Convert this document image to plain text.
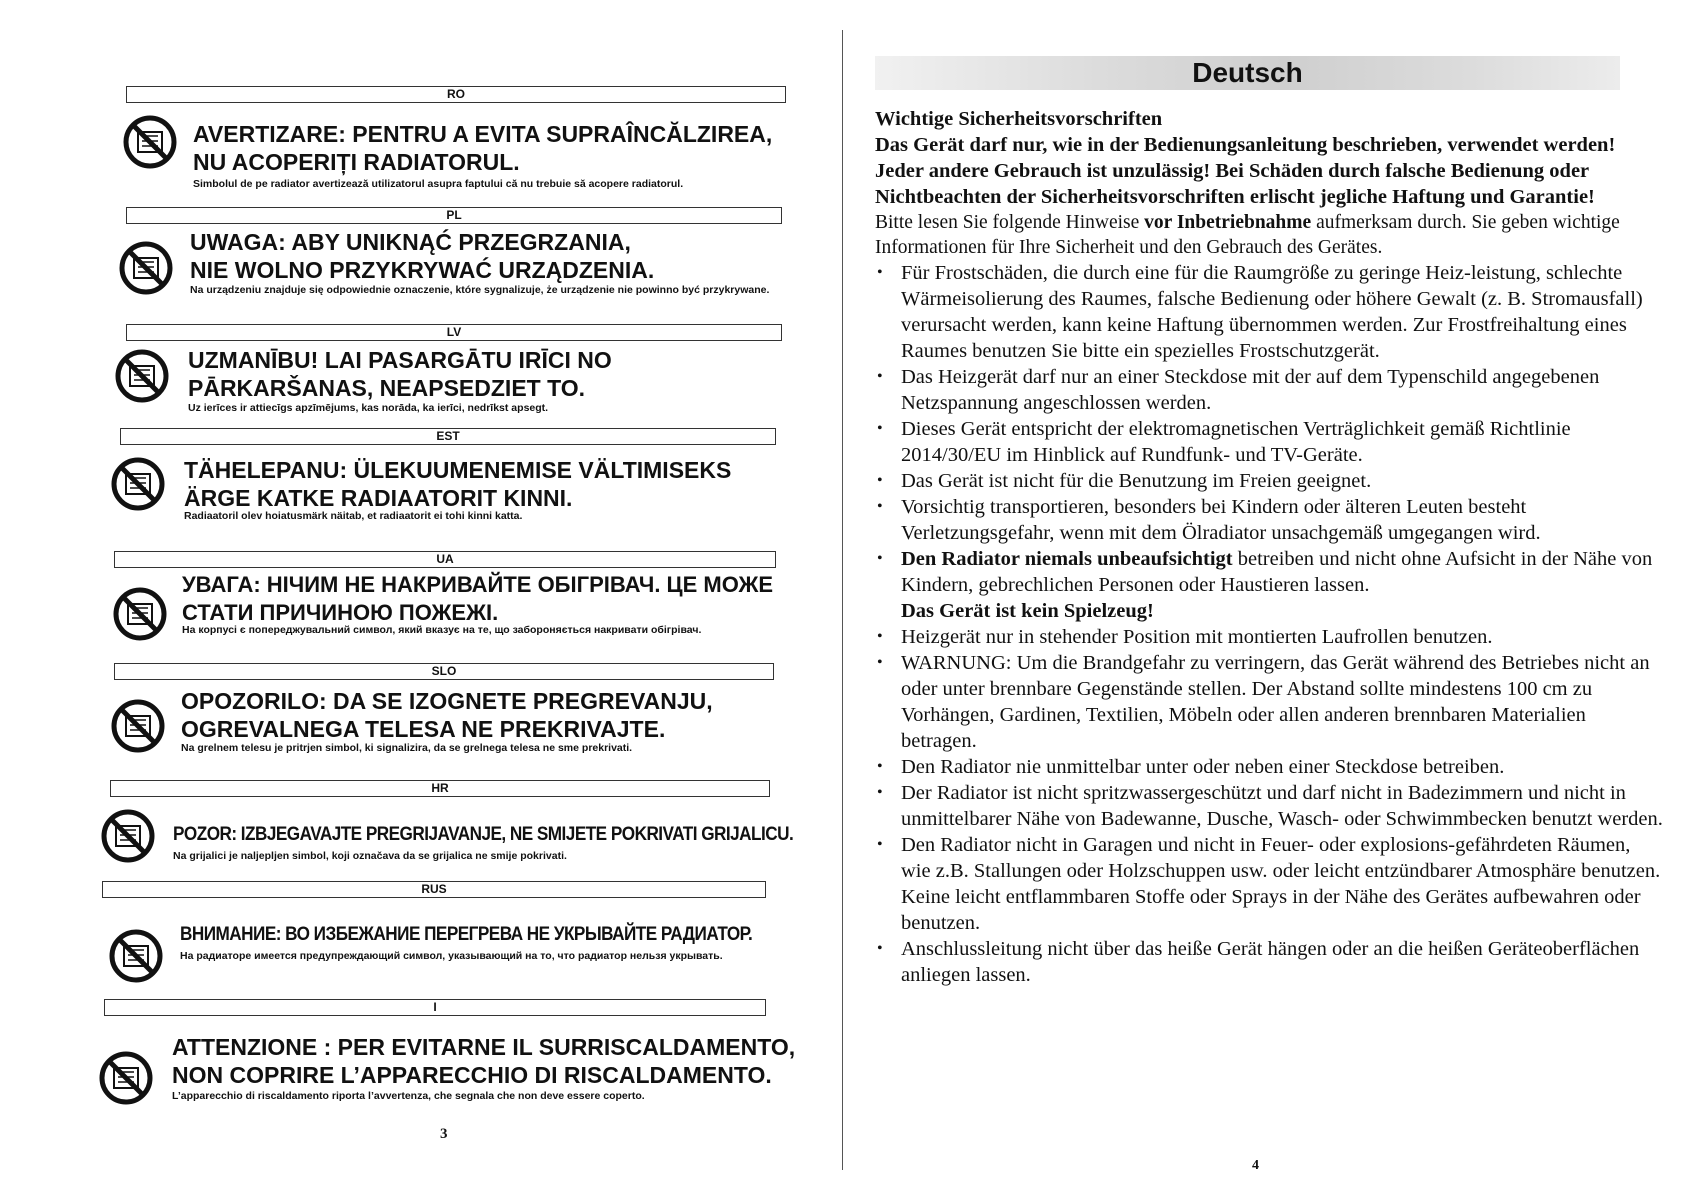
RO
AVERTIZARE: PENTRU A EVITA SUPRAÎNCĂLZIREA,
NU ACOPERIȚI RADIATORUL.
Simbolul de pe radiator avertizează utilizatorul asupra faptului că nu trebuie să acopere radiatorul.
PL
UWAGA: ABY UNIKNĄĆ PRZEGRZANIA,
NIE WOLNO PRZYKRYWAĆ URZĄDZENIA.
Na urządzeniu znajduje się odpowiednie oznaczenie, które sygnalizuje, że urządzenie nie powinno być przykrywane.
LV
UZMANĪBU! LAI PASARGĀTU IRĪCI NO
PĀRKARŠANAS, NEAPSEDZIET TO.
Uz ierīces ir attiecīgs apzīmējums, kas norāda, ka ierīci, nedrīkst apsegt.
EST
TÄHELEPANU: ÜLEKUUMENEMISE VÄLTIMISEKS
ÄRGE KATKE RADIAATORIT KINNI.
Radiaatoril olev hoiatusmärk näitab, et radiaatorit ei tohi kinni katta.
UA
УВАГА: НІЧИМ НЕ НАКРИВАЙТЕ ОБІГРІВАЧ. ЦЕ МОЖЕ
СТАТИ ПРИЧИНОЮ ПОЖЕЖІ.
На корпусі є попереджувальний символ, який вказує на те, що забороняється накривати обігрівач.
SLO
OPOZORILO: DA SE IZOGNETE PREGREVANJU,
OGREVALNEGA TELESA NE PREKRIVAJTE.
Na grelnem telesu je pritrjen simbol, ki signalizira, da se grelnega telesa ne sme prekrivati.
HR
POZOR: IZBJEGAVAJTE PREGRIJAVANJE, NE SMIJETE POKRIVATI GRIJALICU.
Na grijalici je naljepljen simbol, koji označava da se grijalica ne smije pokrivati.
RUS
ВНИМАНИЕ: ВО ИЗБЕЖАНИЕ ПЕРЕГРЕВА НЕ УКРЫВАЙТЕ РАДИАТОР.
На радиаторе имеется предупреждающий символ, указывающий на то, что радиатор нельзя укрывать.
I
ATTENZIONE : PER EVITARNE IL SURRISCALDAMENTO,
NON COPRIRE L’APPARECCHIO DI RISCALDAMENTO.
L’apparecchio di riscaldamento riporta l’avvertenza, che segnala che non deve essere coperto.
3
Deutsch
Wichtige Sicherheitsvorschriften
Das Gerät darf nur, wie in der Bedienungsanleitung beschrieben, verwendet werden! Jeder andere Gebrauch ist unzulässig! Bei Schäden durch falsche Bedienung oder Nichtbeachten der Sicherheitsvorschriften erlischt jegliche Haftung und Garantie!
Bitte lesen Sie folgende Hinweise vor Inbetriebnahme aufmerksam durch. Sie geben wichtige Informationen für Ihre Sicherheit und den Gebrauch des Gerätes.
• Für Frostschäden, die durch eine für die Raumgröße zu geringe Heiz-leistung, schlechte Wärmeisolierung des Raumes, falsche Bedienung oder höhere Gewalt (z. B. Stromausfall) verursacht werden, kann keine Haftung übernommen werden. Zur Frostfreihaltung eines Raumes benutzen Sie bitte ein spezielles Frostschutzgerät.
• Das Heizgerät darf nur an einer Steckdose mit der auf dem Typenschild angegebenen Netzspannung angeschlossen werden.
• Dieses Gerät entspricht der elektromagnetischen Verträglichkeit gemäß Richtlinie 2014/30/EU im Hinblick auf Rundfunk- und TV-Geräte.
• Das Gerät ist nicht für die Benutzung im Freien geeignet.
• Vorsichtig transportieren, besonders bei Kindern oder älteren Leuten besteht Verletzungsgefahr, wenn mit dem Ölradiator unsachgemäß umgegangen wird.
• Den Radiator niemals unbeaufsichtigt betreiben und nicht ohne Aufsicht in der Nähe von Kindern, gebrechlichen Personen oder Haustieren lassen.
Das Gerät ist kein Spielzeug!
• Heizgerät nur in stehender Position mit montierten Laufrollen benutzen.
• WARNUNG: Um die Brandgefahr zu verringern, das Gerät während des Betriebes nicht an oder unter brennbare Gegenstände stellen. Der Abstand sollte mindestens 100 cm zu Vorhängen, Gardinen, Textilien, Möbeln oder allen anderen brennbaren Materialien betragen.
• Den Radiator nie unmittelbar unter oder neben einer Steckdose betreiben.
• Der Radiator ist nicht spritzwassergeschützt und darf nicht in Badezimmern und nicht in unmittelbarer Nähe von Badewanne, Dusche, Wasch- oder Schwimmbecken benutzt werden.
• Den Radiator nicht in Garagen und nicht in Feuer- oder explosions-gefährdeten Räumen, wie z.B. Stallungen oder Holzschuppen usw. oder leicht entzündbarer Atmosphäre benutzen. Keine leicht entflammbaren Stoffe oder Sprays in der Nähe des Gerätes aufbewahren oder benutzen.
• Anschlussleitung nicht über das heiße Gerät hängen oder an die heißen Geräteoberflächen anliegen lassen.
4
